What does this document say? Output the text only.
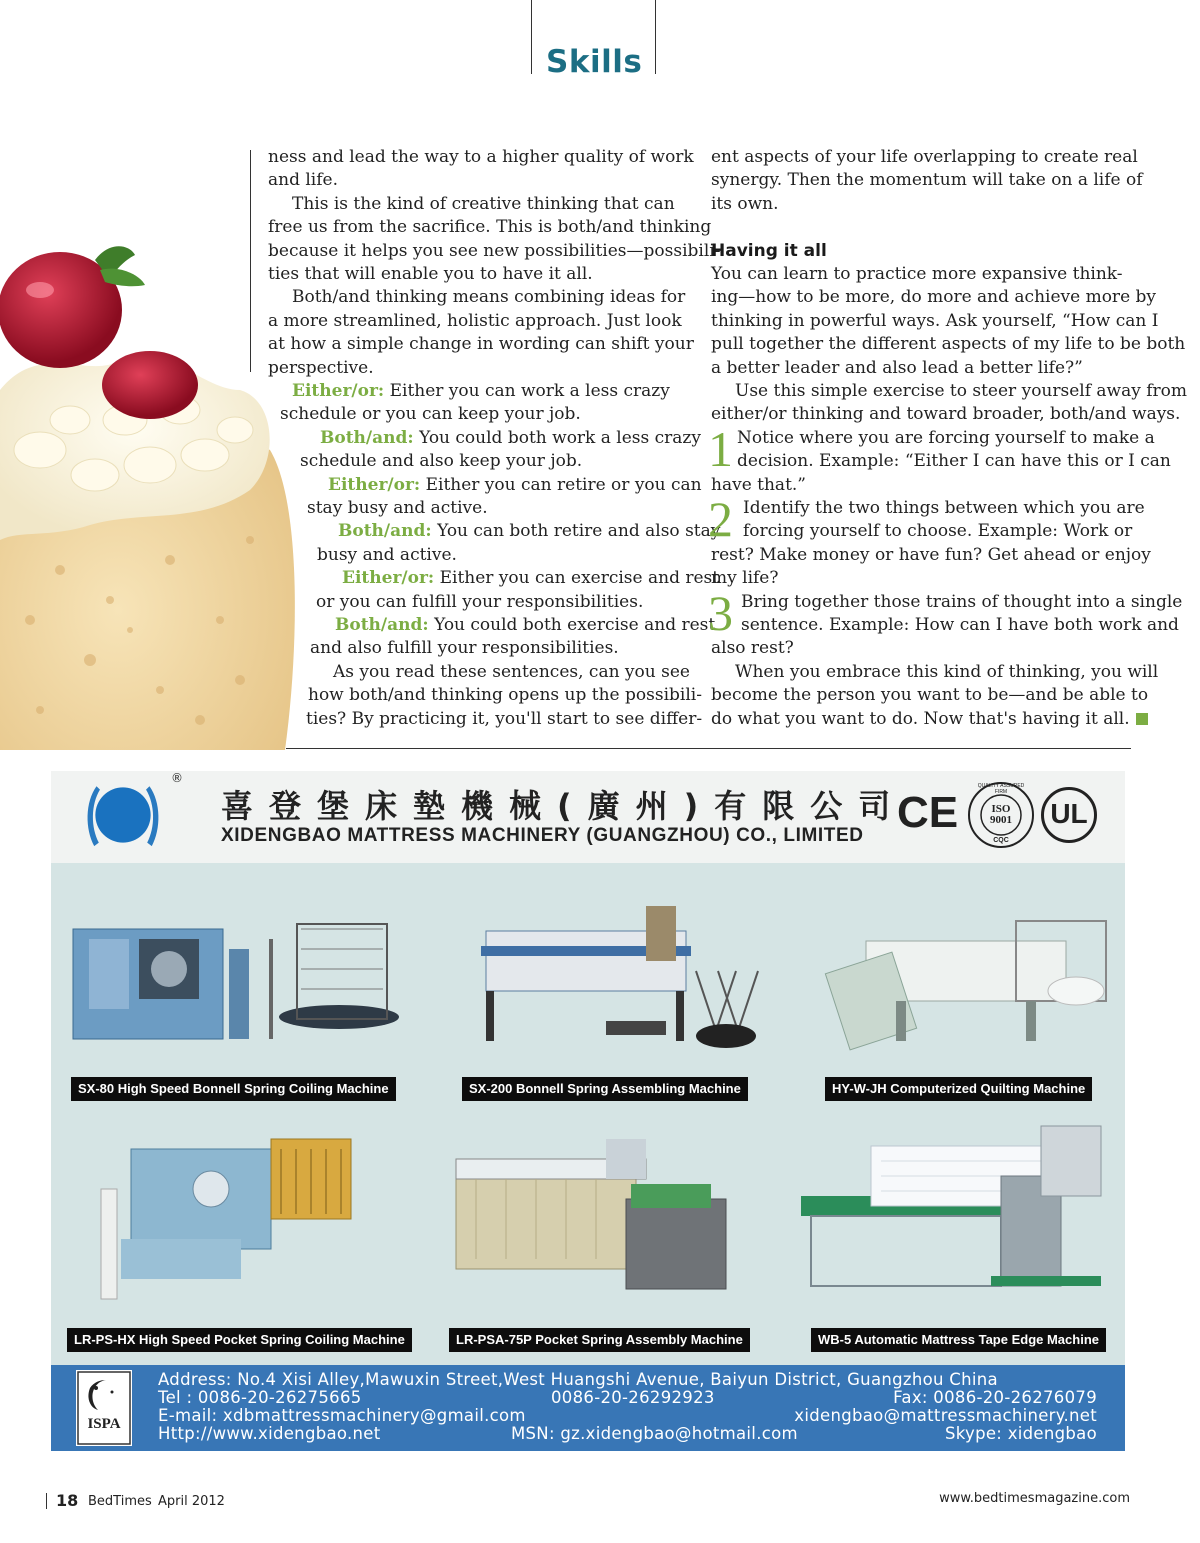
Skills
ness and lead the way to a higher quality of work
and life.
This is the kind of creative thinking that can
free us from the sacrifice. This is both/and thinking
because it helps you see new possibilities—possibili-
ties that will enable you to have it all.
Both/and thinking means combining ideas for
a more streamlined, holistic approach. Just look
at how a simple change in wording can shift your
perspective.
Either/or: Either you can work a less crazy
schedule or you can keep your job.
Both/and: You could both work a less crazy
schedule and also keep your job.
Either/or: Either you can retire or you can
stay busy and active.
Both/and: You can both retire and also stay
busy and active.
Either/or: Either you can exercise and rest
or you can fulfill your responsibilities.
Both/and: You could both exercise and rest
and also fulfill your responsibilities.
As you read these sentences, can you see
how both/and thinking opens up the possibili-
ties? By practicing it, you'll start to see differ-
ent aspects of your life overlapping to create real
synergy. Then the momentum will take on a life of
its own.
Having it all
You can learn to practice more expansive think-
ing—how to be more, do more and achieve more by
thinking in powerful ways. Ask yourself, “How can I
pull together the different aspects of my life to be both
a better leader and also lead a better life?”
Use this simple exercise to steer yourself away from
either/or thinking and toward broader, both/and ways.
Notice where you are forcing yourself to make a
decision. Example: “Either I can have this or I can
have that.”
Identify the two things between which you are
forcing yourself to choose. Example: Work or
rest? Make money or have fun? Get ahead or enjoy
my life?
Bring together those trains of thought into a single
sentence. Example: How can I have both work and
also rest?
When you embrace this kind of thinking, you will
become the person you want to be—and be able to
do what you want to do. Now that's having it all.
1
2
3
®
喜登堡床墊機械(廣州)有限公司
XIDENGBAO MATTRESS MACHINERY (GUANGZHOU) CO., LIMITED CE	ISO 9001
QUALITY ASSURED FIRM
CQC
UL
SX-80 High Speed Bonnell Spring Coiling Machine	SX-200 Bonnell Spring Assembling Machine	HY-W-JH Computerized Quilting Machine
LR-PS-HX High Speed Pocket Spring Coiling Machine	LR-PSA-75P Pocket Spring Assembly Machine	WB-5 Automatic Mattress Tape Edge Machine
ISPA
Address: No.4 Xisi Alley,Mawuxin Street,West Huangshi Avenue, Baiyun District, Guangzhou China
Tel : 0086-20-26275665	0086-20-26292923	Fax: 0086-20-26276079
E-mail: xdbmattressmachinery@gmail.com	xidengbao@mattressmachinery.net
Http://www.xidengbao.net	MSN: gz.xidengbao@hotmail.com	Skype: xidengbao
18 BedTimes April 2012	www.bedtimesmagazine.com
